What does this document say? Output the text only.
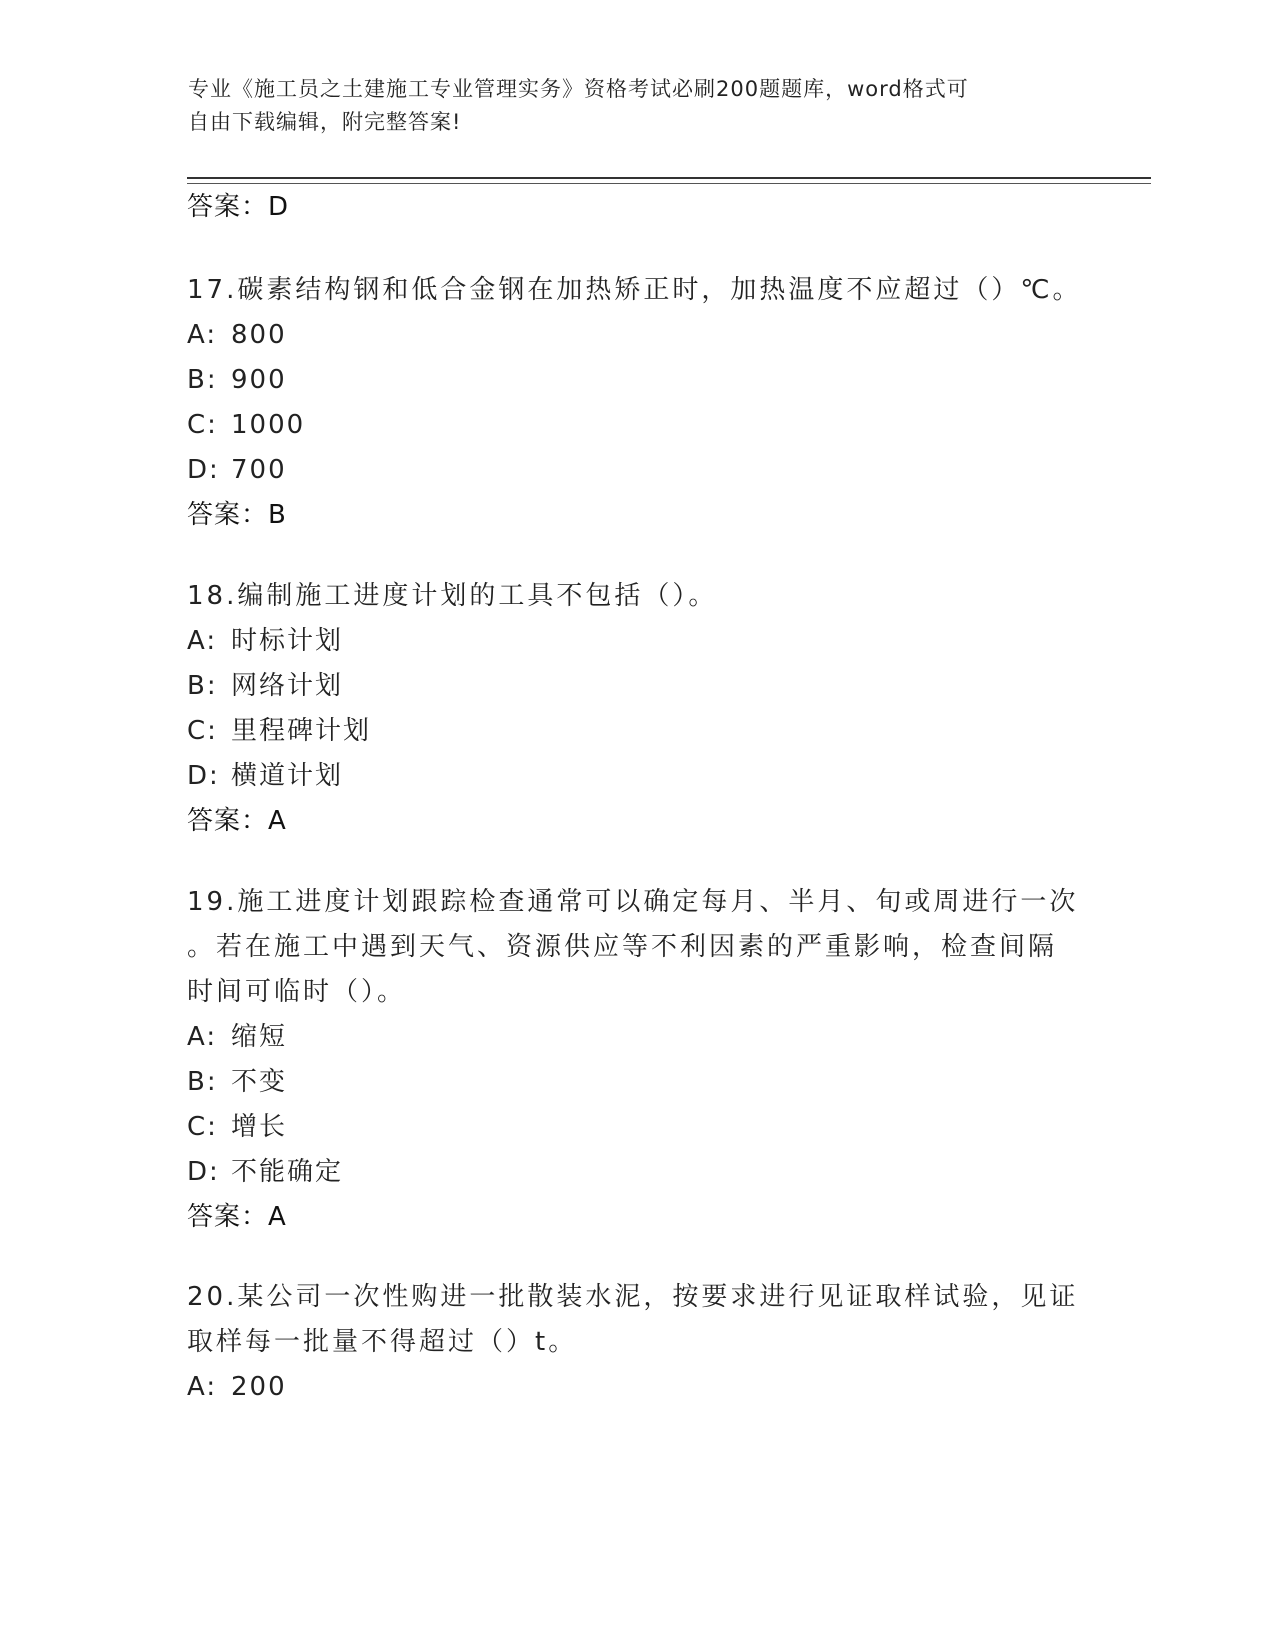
专业《施工员之土建施工专业管理实务》资格考试必刷200题题库，word格式可
自由下载编辑，附完整答案!
答案：D
17.碳素结构钢和低合金钢在加热矫正时，加热温度不应超过（）℃。
A: 800
B: 900
C: 1000
D: 700
答案：B
18.编制施工进度计划的工具不包括（）。
A: 时标计划
B: 网络计划
C: 里程碑计划
D: 横道计划
答案：A
19.施工进度计划跟踪检查通常可以确定每月、半月、旬或周进行一次
。若在施工中遇到天气、资源供应等不利因素的严重影响，检查间隔
时间可临时（）。
A: 缩短
B: 不变
C: 增长
D: 不能确定
答案：A
20.某公司一次性购进一批散装水泥，按要求进行见证取样试验，见证
取样每一批量不得超过（）t。
A: 200
